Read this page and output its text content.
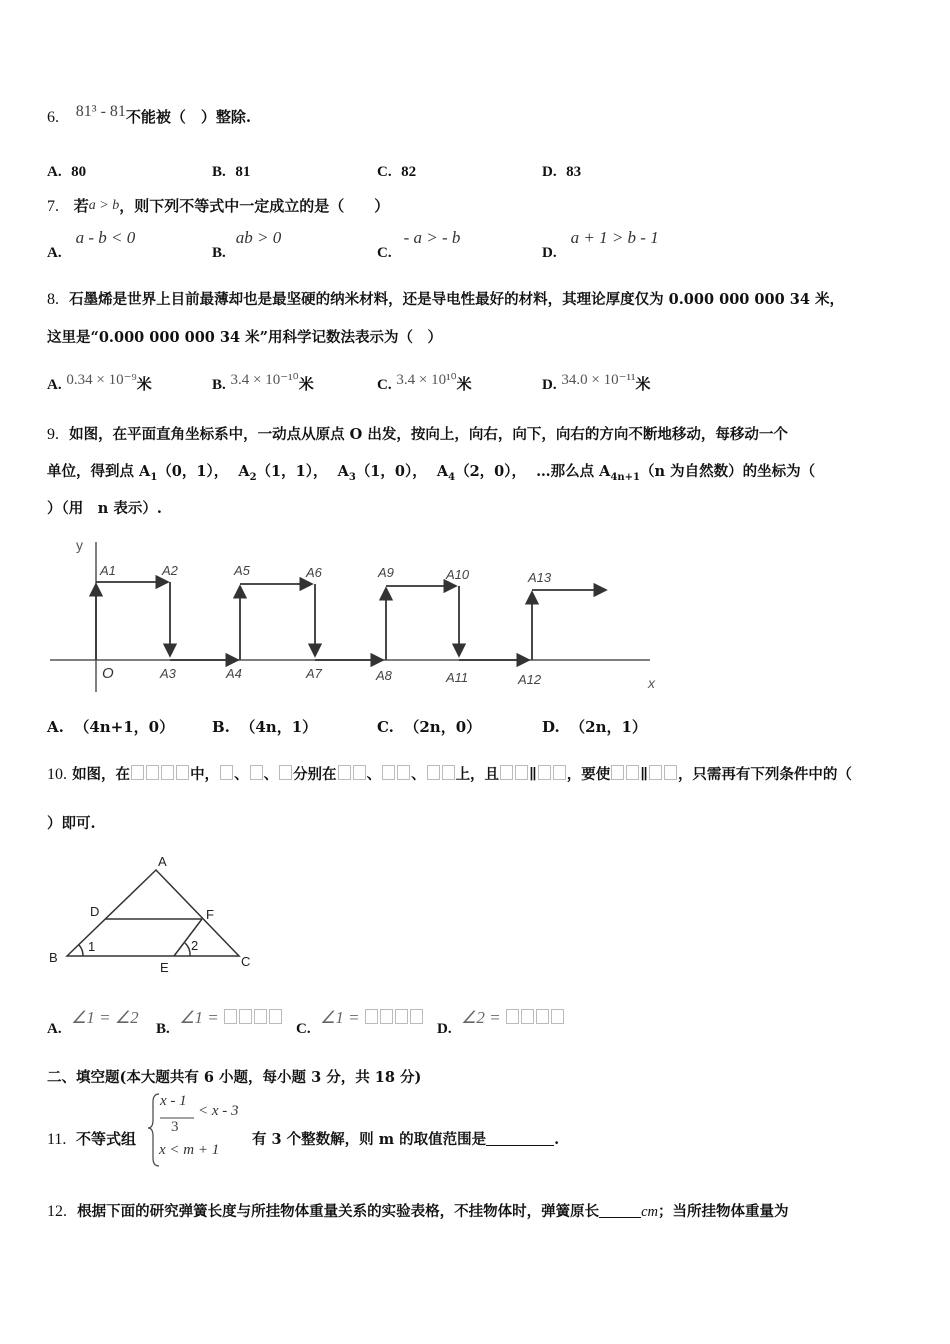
6. 81³ - 81不能被（　）整除.
A. 80	B. 81	C. 82	D. 83
7. 若a > b，则下列不等式中一定成立的是（　　）
A.a - b < 0
B.ab > 0
C.- a > - b
D.a + 1 > b - 1
8. 石墨烯是世界上目前最薄却也是最坚硬的纳米材料，还是导电性最好的材料，其理论厚度仅为 0.000 000 000 34 米，
这里是“0.000 000 000 34 米”用科学记数法表示为（　）
A. 0.34 × 10⁻⁹米	B. 3.4 × 10⁻¹⁰米	C. 3.4 × 10¹⁰米	D. 34.0 × 10⁻¹¹米
9. 如图，在平面直角坐标系中，一动点从原点 O 出发，按向上，向右，向下，向右的方向不断地移动，每移动一个
单位，得到点 $A_1(0$，1），  $A_2(1$，1），  $A_3(1$，0），  $A_4(2$，0）， …那么点 $A_{4n+1}(n$ 为自然数）的坐标为（
）（用　n 表示）.
y
x
O
A1	A2
A3	A4
A5	A6
A7	A8
A9	A10
A11	A12
A13
A. （4n+1，0）	B. （4n，1）	C. （2n，0）	D. （2n，1）
10. 如图，在	中， 、 、 分别在 、 、 上，且 ∥ ，要使 ∥ ，只需再有下列条件中的（
）即可.
A
D	F
B
1	2
E	C
A.  ∠1 = ∠2
B.  ∠1 =
C.  ∠1 =
D.  ∠2 =
二、填空题(本大题共有 6 小题，每小题 3 分，共 18 分)
11. 不等式组
x - 1
3
< x - 3
x < m + 1
有 3 个整数解，则 m 的取值范围是	.
12. 根据下面的研究弹簧长度与所挂物体重量关系的实验表格，不挂物体时，弹簧原长	cm；当所挂物体重量为
